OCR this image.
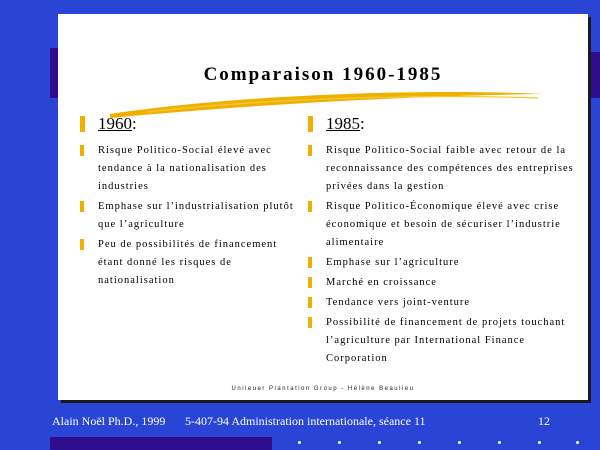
Comparaison 1960-1985
1960:
Risque Politico-Social élevé avec tendance à la nationalisation des industries
Emphase sur l’industrialisation plutôt que l’agriculture
Peu de possibilités de financement étant donné les risques de nationalisation
1985:
Risque Politico-Social faible avec retour de la reconnaissance des compétences des entreprises privées dans la gestion
Risque Politico-Économique élevé avec crise économique et besoin de sécuriser l’industrie alimentaire
Emphase sur l’agriculture
Marché en croissance
Tendance vers joint-venture
Possibilité de financement de projets touchant l’agriculture par International Finance Corporation
Unileuer Plantation Group - Hélène Beaulieu
Alain Noël Ph.D., 1999 5-407-94 Administration internationale, séance 11	12
